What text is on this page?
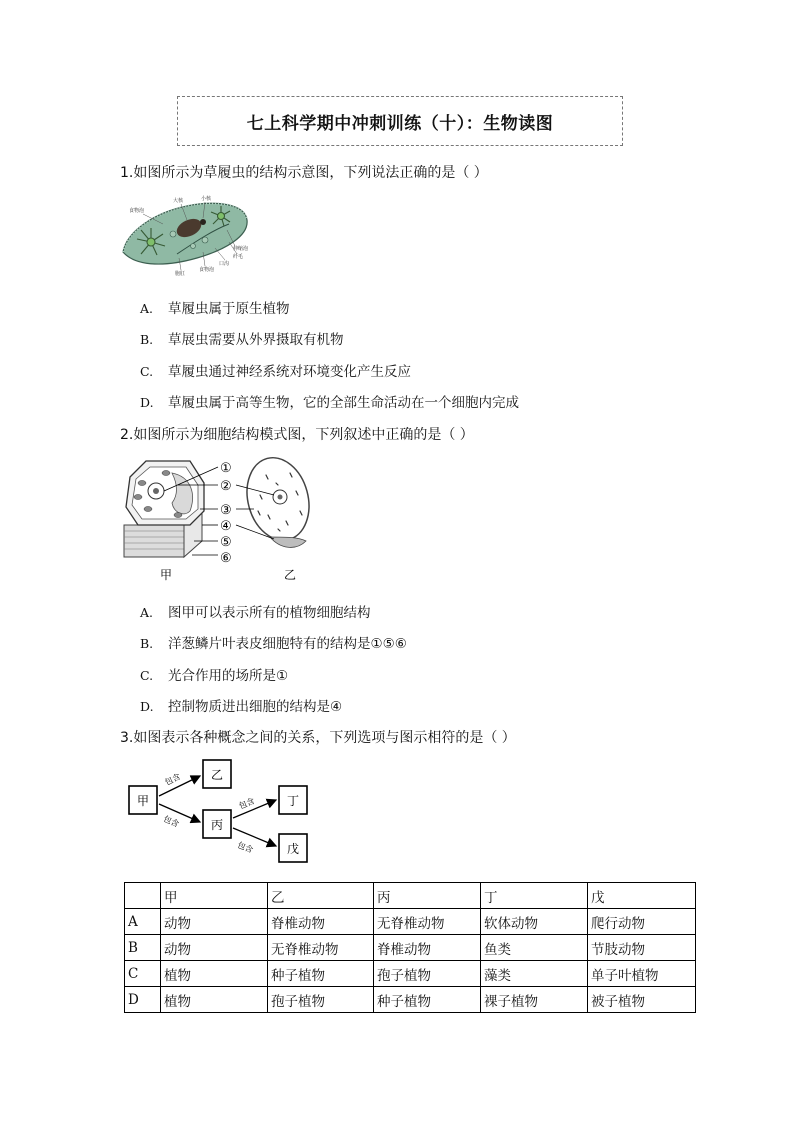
七上科学期中冲刺训练（十）：生物读图
1.如图所示为草履虫的结构示意图，下列说法正确的是（ ）
食物泡
大核	小核
伸缩泡
纤毛
口沟
食物泡
胞肛
A. 草履虫属于原生植物
B. 草展虫需要从外界摄取有机物
C. 草履虫通过神经系统对环境变化产生反应
D. 草履虫属于高等生物，它的全部生命活动在一个细胞内完成
2.如图所示为细胞结构模式图，下列叙述中正确的是（ ）
①
②
③
④
⑤
⑥
甲	乙
A. 图甲可以表示所有的植物细胞结构
B. 洋葱鳞片叶表皮细胞特有的结构是①⑤⑥
C. 光合作用的场所是①
D. 控制物质进出细胞的结构是④
3.如图表示各种概念之间的关系，下列选项与图示相符的是（ ）
甲
乙
丙
丁
戊
包含
包含
包含
包含
	甲	乙	丙	丁	戊
A	动物	脊椎动物	无脊椎动物	软体动物	爬行动物
B	动物	无脊椎动物	脊椎动物	鱼类	节肢动物
C	植物	种子植物	孢子植物	藻类	单子叶植物
D	植物	孢子植物	种子植物	裸子植物	被子植物
